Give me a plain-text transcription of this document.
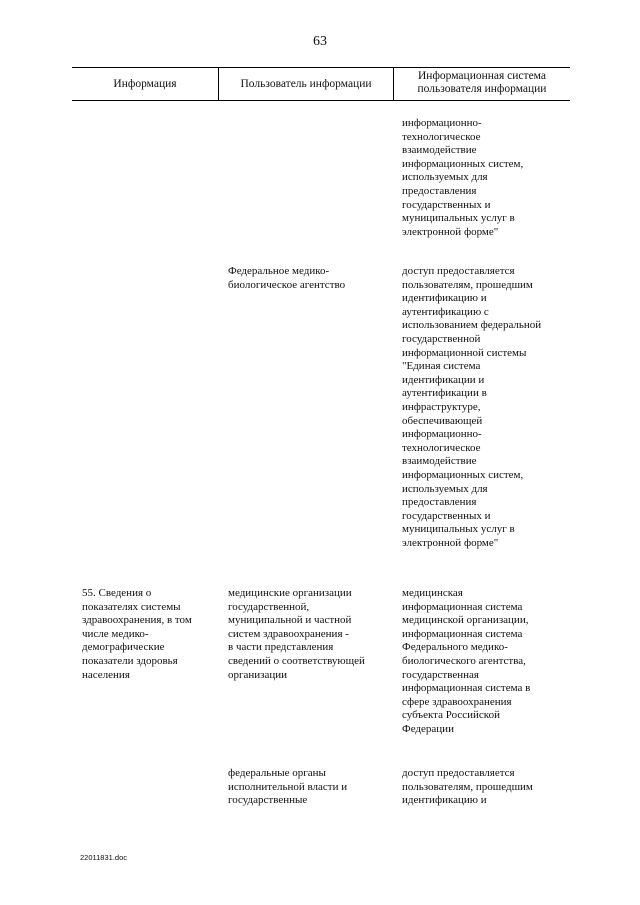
63
Информация	Пользователь информации
Информационная система
пользователя информации
информационно-
технологическое
взаимодействие
информационных систем,
используемых для
предоставления
государственных и
муниципальных услуг в
электронной форме"
Федеральное медико-
биологическое агентство
доступ предоставляется
пользователям, прошедшим
идентификацию и
аутентификацию с
использованием федеральной
государственной
информационной системы
"Единая система
идентификации и
аутентификации в
инфраструктуре,
обеспечивающей
информационно-
технологическое
взаимодействие
информационных систем,
используемых для
предоставления
государственных и
муниципальных услуг в
электронной форме"
55. Сведения о
показателях системы
здравоохранения, в том
числе медико-
демографические
показатели здоровья
населения
медицинские организации
государственной,
муниципальной и частной
систем здравоохранения -
в части представления
сведений о соответствующей
организации
медицинская
информационная система
медицинской организации,
информационная система
Федерального медико-
биологического агентства,
государственная
информационная система в
сфере здравоохранения
субъекта Российской
Федерации
федеральные органы
исполнительной власти и
государственные
доступ предоставляется
пользователям, прошедшим
идентификацию и
22011831.doc
